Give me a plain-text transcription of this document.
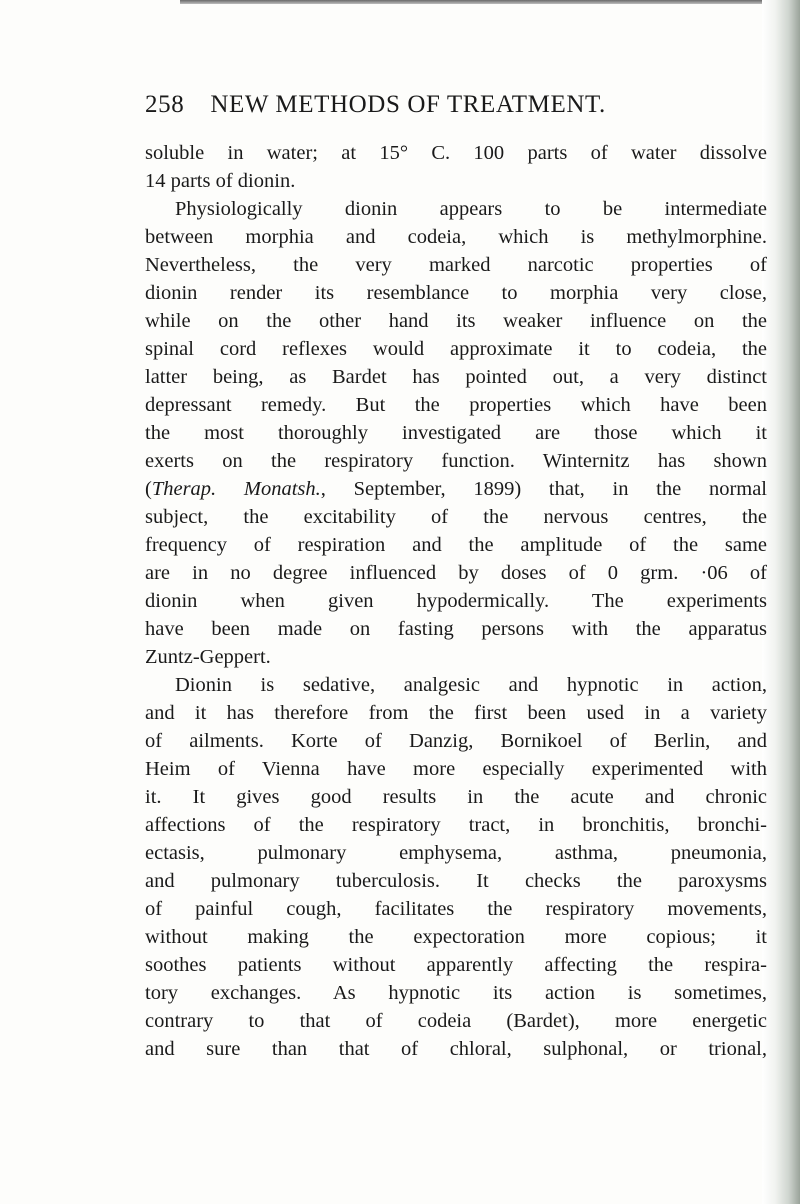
258 NEW METHODS OF TREATMENT.
soluble in water; at 15° C. 100 parts of water dissolve
14 parts of dionin.
Physiologically dionin appears to be intermediate
between morphia and codeia, which is methylmorphine.
Nevertheless, the very marked narcotic properties of
dionin render its resemblance to morphia very close,
while on the other hand its weaker influence on the
spinal cord reflexes would approximate it to codeia, the
latter being, as Bardet has pointed out, a very distinct
depressant remedy. But the properties which have been
the most thoroughly investigated are those which it
exerts on the respiratory function. Winternitz has shown
(Therap. Monatsh., September, 1899) that, in the normal
subject, the excitability of the nervous centres, the
frequency of respiration and the amplitude of the same
are in no degree influenced by doses of 0 grm. ·06 of
dionin when given hypodermically. The experiments
have been made on fasting persons with the apparatus
Zuntz-Geppert.
Dionin is sedative, analgesic and hypnotic in action,
and it has therefore from the first been used in a variety
of ailments. Korte of Danzig, Bornikoel of Berlin, and
Heim of Vienna have more especially experimented with
it. It gives good results in the acute and chronic
affections of the respiratory tract, in bronchitis, bronchi-
ectasis, pulmonary emphysema, asthma, pneumonia,
and pulmonary tuberculosis. It checks the paroxysms
of painful cough, facilitates the respiratory movements,
without making the expectoration more copious; it
soothes patients without apparently affecting the respira-
tory exchanges. As hypnotic its action is sometimes,
contrary to that of codeia (Bardet), more energetic
and sure than that of chloral, sulphonal, or trional,
